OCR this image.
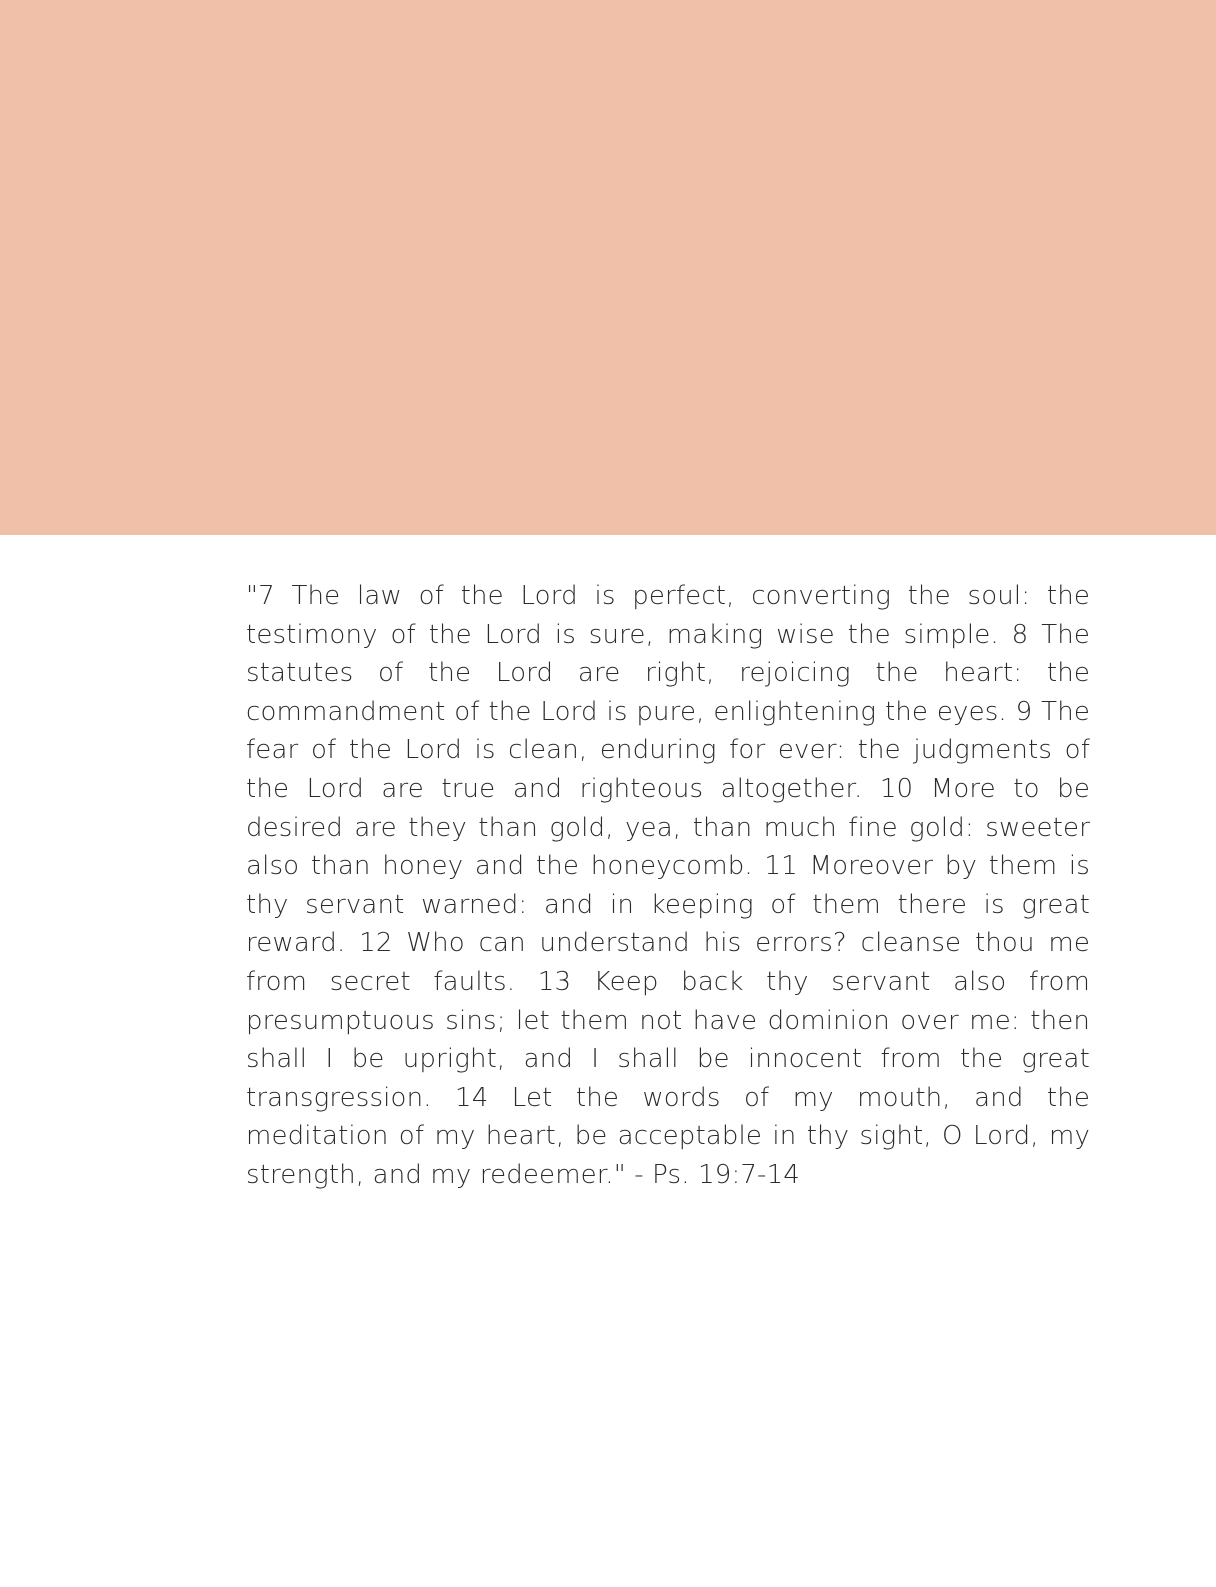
"7 The law of the Lord is perfect, converting the soul: the testimony of the Lord is sure, making wise the simple. 8 The statutes of the Lord are right, rejoicing the heart: the commandment of the Lord is pure, enlightening the eyes. 9 The fear of the Lord is clean, enduring for ever: the judgments of the Lord are true and righteous altogether. 10 More to be desired are they than gold, yea, than much fine gold: sweeter also than honey and the honeycomb. 11 Moreover by them is thy servant warned: and in keeping of them there is great reward. 12 Who can understand his errors? cleanse thou me from secret faults. 13 Keep back thy servant also from presumptuous sins; let them not have dominion over me: then shall I be upright, and I shall be innocent from the great transgression. 14 Let the words of my mouth, and the meditation of my heart, be acceptable in thy sight, O Lord, my strength, and my redeemer." - Ps. 19:7-14
